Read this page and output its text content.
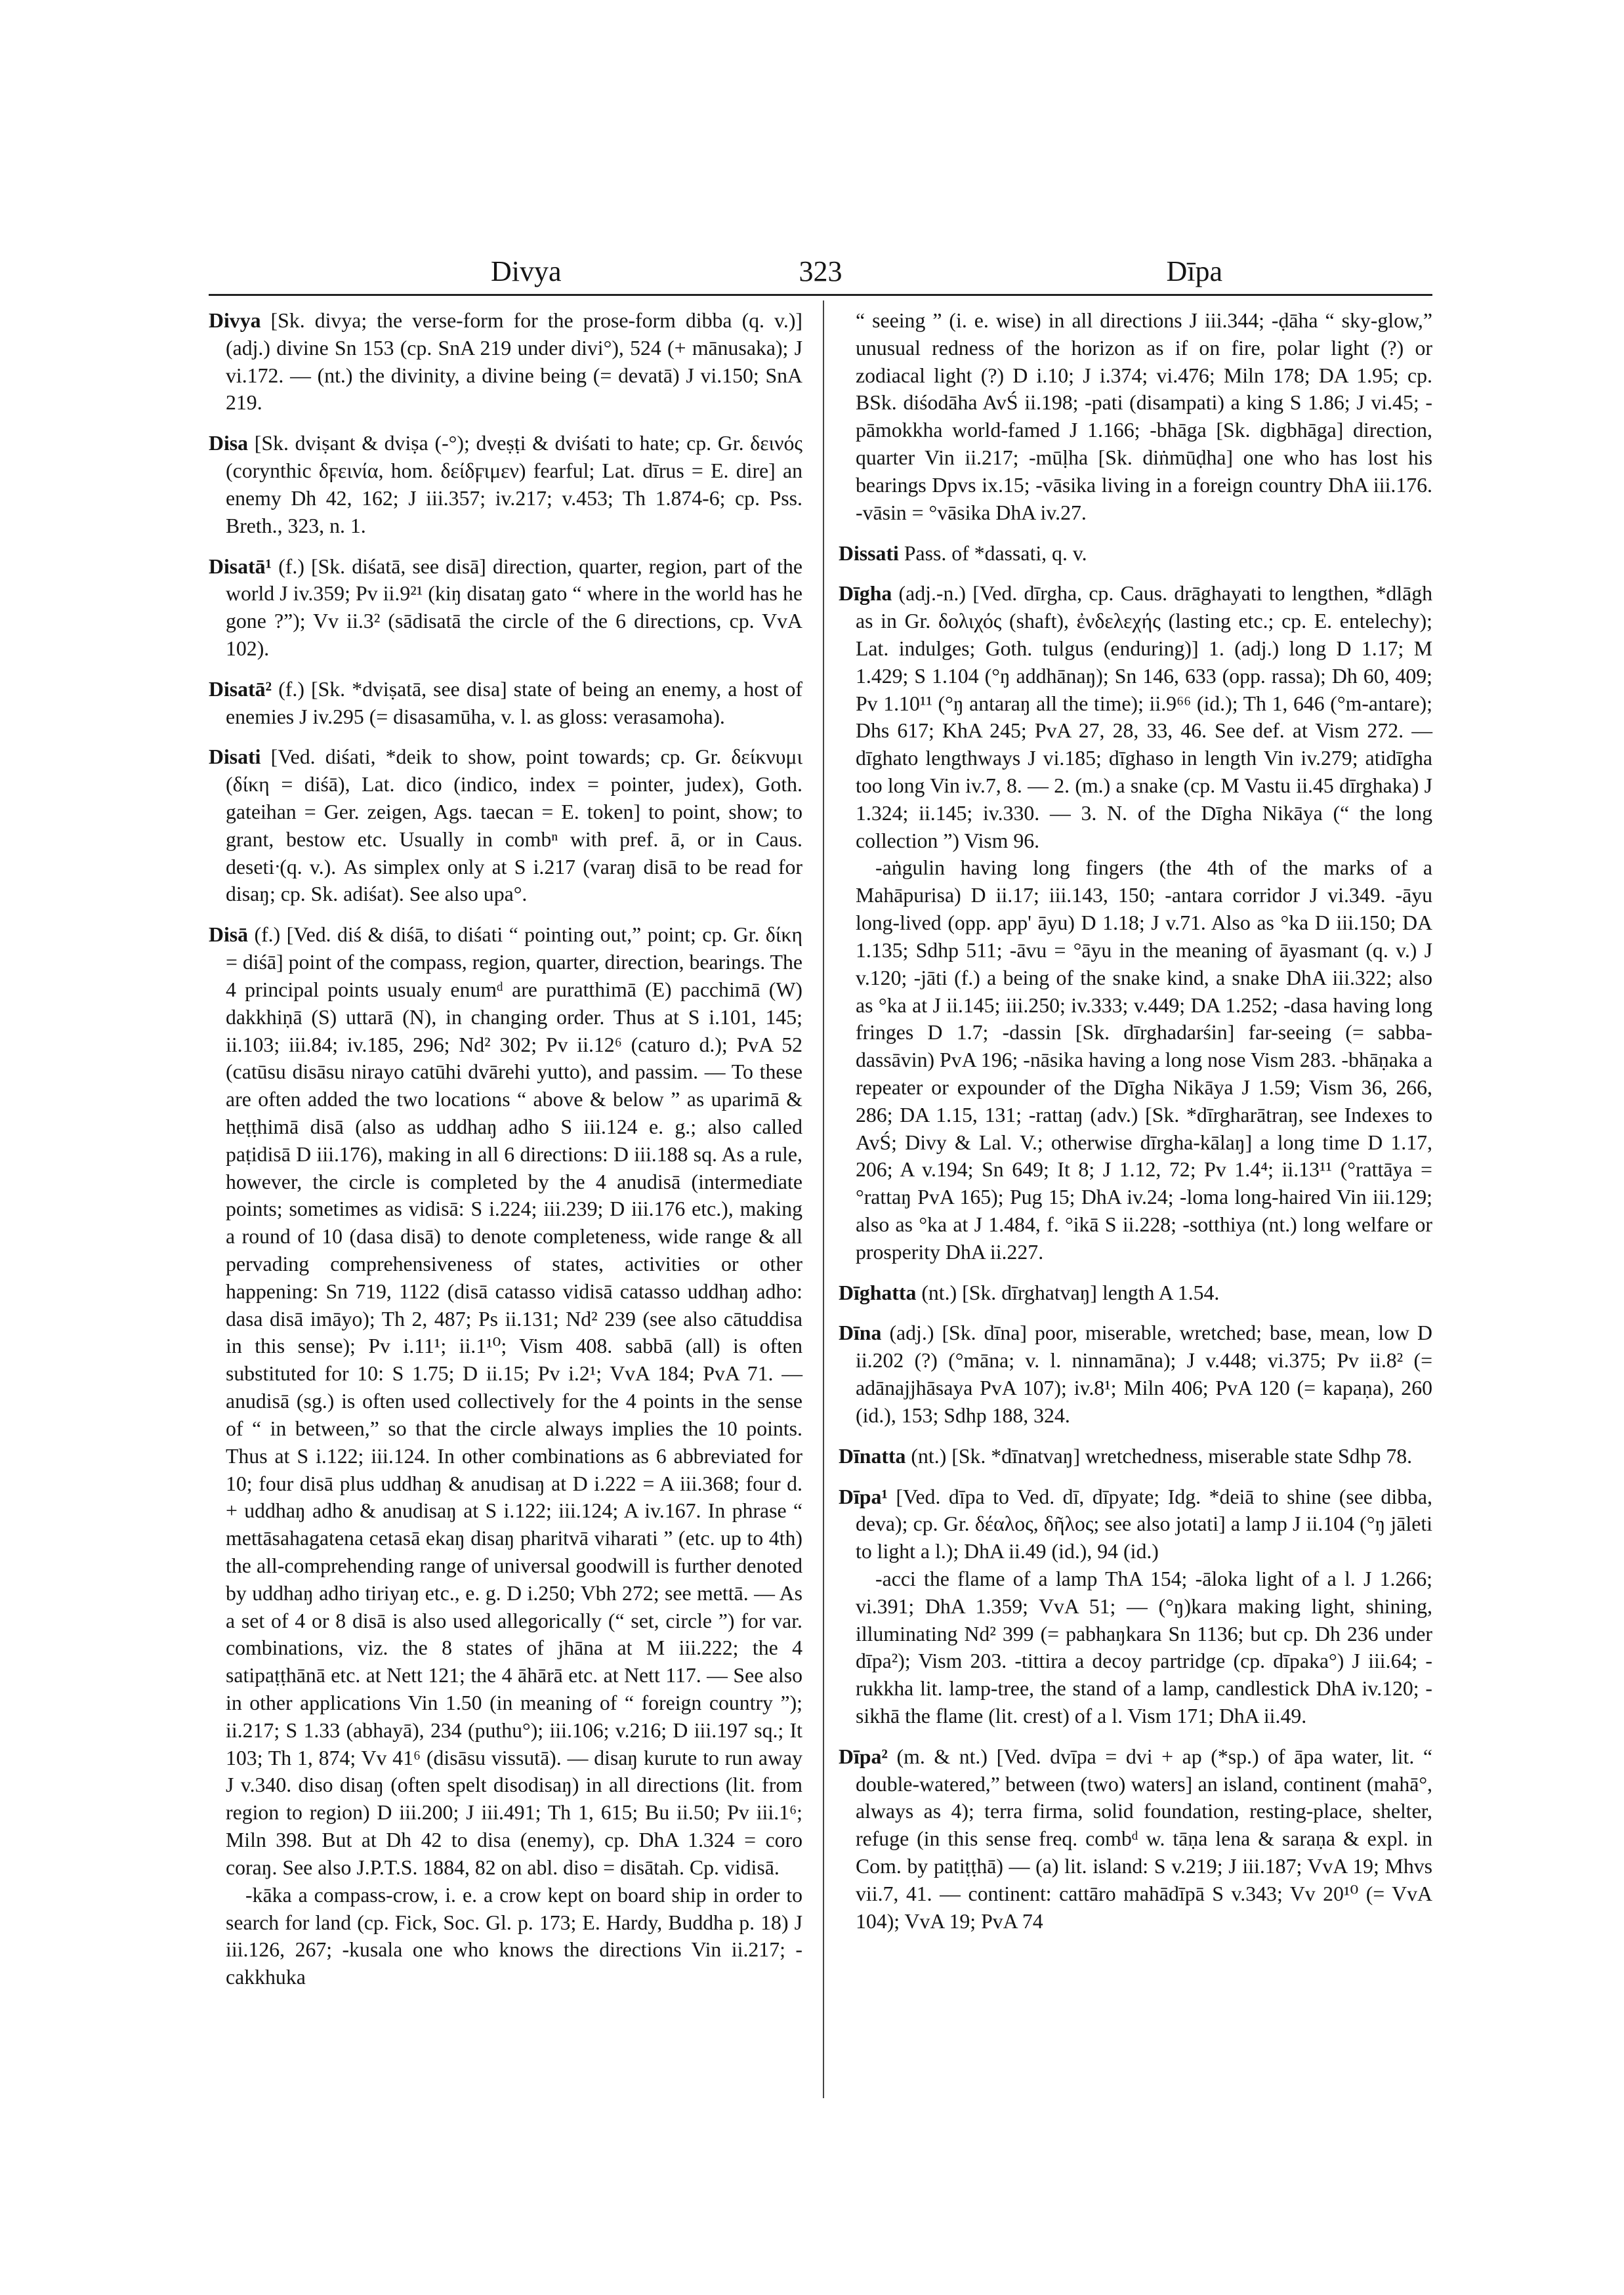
Divya	323	Dīpa

Divya [Sk. divya; the verse-form for the prose-form dibba (q. v.)] (adj.) divine Sn 153 (cp. SnA 219 under divi°), 524 (+ mānusaka); J vi.172. — (nt.) the divinity, a divine being (= devatā) J vi.150; SnA 219.

Disa [Sk. dviṣant & dviṣa (-°); dveṣṭi & dviśati to hate; cp. Gr. δεινός (corynthic δϝεινία, hom. δείδϝιμεν) fearful; Lat. dīrus = E. dire] an enemy Dh 42, 162; J iii.357; iv.217; v.453; Th 1.874-6; cp. Pss. Breth., 323, n. 1.

Disatā¹ (f.) [Sk. diśatā, see disā] direction, quarter, region, part of the world J iv.359; Pv ii.9²¹ (kiŋ disataŋ gato “ where in the world has he gone ?”); Vv ii.3² (sādisatā the circle of the 6 directions, cp. VvA 102).

Disatā² (f.) [Sk. *dviṣatā, see disa] state of being an enemy, a host of enemies J iv.295 (= disasamūha, v. l. as gloss: verasamoha).

Disati [Ved. diśati, *deik to show, point towards; cp. Gr. δείκνυμι (δίκη = diśā), Lat. dico (indico, index = pointer, judex), Goth. gateihan = Ger. zeigen, Ags. taecan = E. token] to point, show; to grant, bestow etc. Usually in combⁿ with pref. ā, or in Caus. desetiᐧ(q. v.). As simplex only at S i.217 (varaŋ disā to be read for disaŋ; cp. Sk. adiśat). See also upa°.

Disā (f.) [Ved. diś & diśā, to diśati “ pointing out,” point; cp. Gr. δίκη = diśā] point of the compass, region, quarter, direction, bearings. The 4 principal points usualy enumᵈ are puratthimā (E) pacchimā (W) dakkhiṇā (S) uttarā (N), in changing order. Thus at S i.101, 145; ii.103; iii.84; iv.185, 296; Nd² 302; Pv ii.12⁶ (caturo d.); PvA 52 (catūsu disāsu nirayo catūhi dvārehi yutto), and passim. — To these are often added the two locations “ above & below ” as uparimā & heṭṭhimā disā (also as uddhaŋ adho S iii.124 e. g.; also called paṭidisā D iii.176), making in all 6 directions: D iii.188 sq. As a rule, however, the circle is completed by the 4 anudisā (intermediate points; sometimes as vidisā: S i.224; iii.239; D iii.176 etc.), making a round of 10 (dasa disā) to denote completeness, wide range & all pervading comprehensiveness of states, activities or other happening: Sn 719, 1122 (disā catasso vidisā catasso uddhaŋ adho: dasa disā imāyo); Th 2, 487; Ps ii.131; Nd² 239 (see also cātuddisa in this sense); Pv i.11¹; ii.1¹⁰; Vism 408. sabbā (all) is often substituted for 10: S 1.75; D ii.15; Pv i.2¹; VvA 184; PvA 71. — anudisā (sg.) is often used collectively for the 4 points in the sense of “ in between,” so that the circle always implies the 10 points. Thus at S i.122; iii.124. In other combinations as 6 abbreviated for 10; four disā plus uddhaŋ & anudisaŋ at D i.222 = A iii.368; four d. + uddhaŋ adho & anudisaŋ at S i.122; iii.124; A iv.167. In phrase “ mettāsahagatena cetasā ekaŋ disaŋ pharitvā viharati ” (etc. up to 4th) the all-comprehending range of universal goodwill is further denoted by uddhaŋ adho tiriyaŋ etc., e. g. D i.250; Vbh 272; see mettā. — As a set of 4 or 8 disā is also used allegorically (“ set, circle ”) for var. combinations, viz. the 8 states of jhāna at M iii.222; the 4 satipaṭṭhānā etc. at Nett 121; the 4 āhārā etc. at Nett 117. — See also in other applications Vin 1.50 (in meaning of “ foreign country ”); ii.217; S 1.33 (abhayā), 234 (puthu°); iii.106; v.216; D iii.197 sq.; It 103; Th 1, 874; Vv 41⁶ (disāsu vissutā). — disaŋ kurute to run away J v.340. diso disaŋ (often spelt disodisaŋ) in all directions (lit. from region to region) D iii.200; J iii.491; Th 1, 615; Bu ii.50; Pv iii.1⁶; Miln 398. But at Dh 42 to disa (enemy), cp. DhA 1.324 = coro coraŋ. See also J.P.T.S. 1884, 82 on abl. diso = disātah. Cp. vidisā.

-kāka a compass-crow, i. e. a crow kept on board ship in order to search for land (cp. Fick, Soc. Gl. p. 173; E. Hardy, Buddha p. 18) J iii.126, 267; -kusala one who knows the directions Vin ii.217; -cakkhuka

“ seeing ” (i. e. wise) in all directions J iii.344; -ḍāha “ sky-glow,” unusual redness of the horizon as if on fire, polar light (?) or zodiacal light (?) D i.10; J i.374; vi.476; Miln 178; DA 1.95; cp. BSk. diśodāha AvŚ ii.198; -pati (disampati) a king S 1.86; J vi.45; -pāmokkha world-famed J 1.166; -bhāga [Sk. digbhāga] direction, quarter Vin ii.217; -mūḷha [Sk. diṅmūḍha] one who has lost his bearings Dpvs ix.15; -vāsika living in a foreign country DhA iii.176. -vāsin = °vāsika DhA iv.27.

Dissati Pass. of *dassati, q. v.

Dīgha (adj.-n.) [Ved. dīrgha, cp. Caus. drāghayati to lengthen, *dlāgh as in Gr. δολιχός (shaft), ἐνδελεχής (lasting etc.; cp. E. entelechy); Lat. indulges; Goth. tulgus (enduring)] 1. (adj.) long D 1.17; M 1.429; S 1.104 (°ŋ addhānaŋ); Sn 146, 633 (opp. rassa); Dh 60, 409; Pv 1.10¹¹ (°ŋ antaraŋ all the time); ii.9⁶⁶ (id.); Th 1, 646 (°m-antare); Dhs 617; KhA 245; PvA 27, 28, 33, 46. See def. at Vism 272. — dīghato lengthways J vi.185; dīghaso in length Vin iv.279; atidīgha too long Vin iv.7, 8. — 2. (m.) a snake (cp. M Vastu ii.45 dīrghaka) J 1.324; ii.145; iv.330. — 3. N. of the Dīgha Nikāya (“ the long collection ”) Vism 96.

-aṅgulin having long fingers (the 4th of the marks of a Mahāpurisa) D ii.17; iii.143, 150; -antara corridor J vi.349. -āyu long-lived (opp. app' āyu) D 1.18; J v.71. Also as °ka D iii.150; DA 1.135; Sdhp 511; -āvu = °āyu in the meaning of āyasmant (q. v.) J v.120; -jāti (f.) a being of the snake kind, a snake DhA iii.322; also as °ka at J ii.145; iii.250; iv.333; v.449; DA 1.252; -dasa having long fringes D 1.7; -dassin [Sk. dīrghadarśin] far-seeing (= sabba-dassāvin) PvA 196; -nāsika having a long nose Vism 283. -bhāṇaka a repeater or expounder of the Dīgha Nikāya J 1.59; Vism 36, 266, 286; DA 1.15, 131; -rattaŋ (adv.) [Sk. *dīrgharātraŋ, see Indexes to AvŚ; Divy & Lal. V.; otherwise dīrgha-kālaŋ] a long time D 1.17, 206; A v.194; Sn 649; It 8; J 1.12, 72; Pv 1.4⁴; ii.13¹¹ (°rattāya = °rattaŋ PvA 165); Pug 15; DhA iv.24; -loma long-haired Vin iii.129; also as °ka at J 1.484, f. °ikā S ii.228; -sotthiya (nt.) long welfare or prosperity DhA ii.227.

Dīghatta (nt.) [Sk. dīrghatvaŋ] length A 1.54.

Dīna (adj.) [Sk. dīna] poor, miserable, wretched; base, mean, low D ii.202 (?) (°māna; v. l. ninnamāna); J v.448; vi.375; Pv ii.8² (= adānajjhāsaya PvA 107); iv.8¹; Miln 406; PvA 120 (= kapaṇa), 260 (id.), 153; Sdhp 188, 324.

Dīnatta (nt.) [Sk. *dīnatvaŋ] wretchedness, miserable state Sdhp 78.

Dīpa¹ [Ved. dīpa to Ved. dī, dīpyate; Idg. *deiā to shine (see dibba, deva); cp. Gr. δέαλος, δῆλος; see also jotati] a lamp J ii.104 (°ŋ jāleti to light a l.); DhA ii.49 (id.), 94 (id.)

-acci the flame of a lamp ThA 154; -āloka light of a l. J 1.266; vi.391; DhA 1.359; VvA 51; — (°ŋ)kara making light, shining, illuminating Nd² 399 (= pabhaŋkara Sn 1136; but cp. Dh 236 under dīpa²); Vism 203. -tittira a decoy partridge (cp. dīpaka°) J iii.64; -rukkha lit. lamp-tree, the stand of a lamp, candlestick DhA iv.120; -sikhā the flame (lit. crest) of a l. Vism 171; DhA ii.49.

Dīpa² (m. & nt.) [Ved. dvīpa = dvi + ap (*sp.) of āpa water, lit. “ double-watered,” between (two) waters] an island, continent (mahā°, always as 4); terra firma, solid foundation, resting-place, shelter, refuge (in this sense freq. combᵈ w. tāṇa lena & saraṇa & expl. in Com. by patiṭṭhā) — (a) lit. island: S v.219; J iii.187; VvA 19; Mhvs vii.7, 41. — continent: cattāro mahādīpā S v.343; Vv 20¹⁰ (= VvA 104); VvA 19; PvA 74
